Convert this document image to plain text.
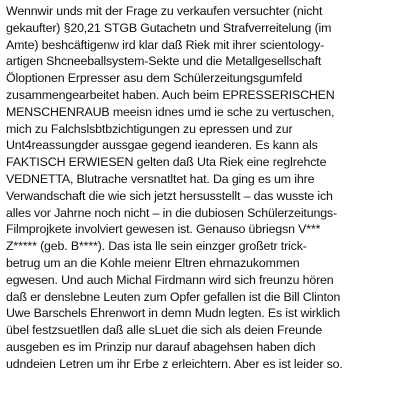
Wennwir unds mit der Frage zu verkaufen versuchter (nicht
gekaufter) §20,21 STGB Gutachetn und Strafverreitelung (im
Amte) beshcäftigenw ird klar daß Riek mit ihrer scientology-
artigen Shcneeballsystem-Sekte und die Metallgesellschaft
Öloptionen Erpresser asu dem Schülerzeitungsgumfeld
zusammengearbeitet haben. Auch beim EPRESSERISCHEN
MENSCHENRAUB meeisn idnes umd ie sche zu vertuschen,
mich zu Falchslsbtbzichtigungen zu epressen und zur
Unt4reassungder aussgae gegend ieanderen. Es kann als
FAKTISCH ERWIESEN gelten daß Uta Riek eine reglrehcte
VEDNETTA, Blutrache versnatltet hat. Da ging es um ihre
Verwandschaft die wie sich jetzt hersusstellt – das wusste ich
alles vor Jahrne noch nicht – in die dubiosen Schülerzeitungs-
Filmprojkete involviert gewesen ist. Genauso übriegsn V***
Z***** (geb. B****). Das ista lle sein einzger großetr trick-
betrug um an die Kohle meienr Eltren ehrnazukommen
egwesen. Und auch Michal Firdmann wird sich freunzu hören
daß er denslebne Leuten zum Opfer gefallen ist die Bill Clinton
Uwe Barschels Ehrenwort in demn Mudn legten. Es ist wirklich
übel festzsuetllen daß alle sLuet die sich als deien Freunde
ausgeben es im Prinzip nur darauf abagehsen haben dich
udndeien Letren um ihr Erbe z erleichtern. Aber es ist leider so.
